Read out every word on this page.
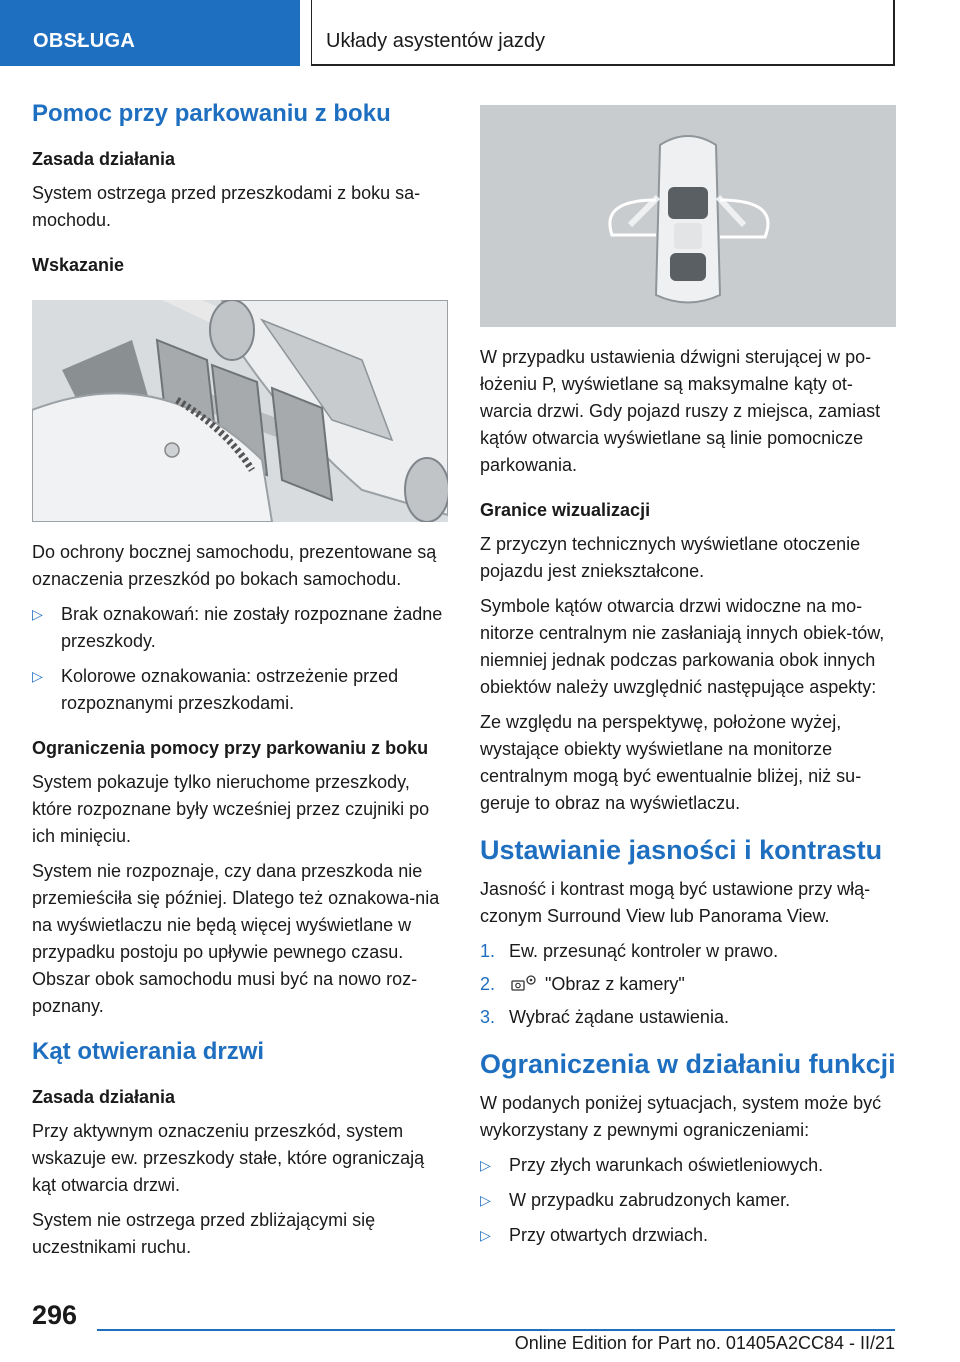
OBSŁUGA	Układy asystentów jazdy
Pomoc przy parkowaniu z boku
Zasada działania

System ostrzega przed przeszkodami z boku sa-mochodu.

Wskazanie

Do ochrony bocznej samochodu, prezentowane są oznaczenia przeszkód po bokach samochodu.

▷ Brak oznakowań: nie zostały rozpoznane żadne przeszkody.
▷ Kolorowe oznakowania: ostrzeżenie przed rozpoznanymi przeszkodami.
Ograniczenia pomocy przy parkowaniu z boku

System pokazuje tylko nieruchome przeszkody, które rozpoznane były wcześniej przez czujniki po ich minięciu.

System nie rozpoznaje, czy dana przeszkoda nie przemieściła się później. Dlatego też oznakowa-nia na wyświetlaczu nie będą więcej wyświetlane w przypadku postoju po upływie pewnego czasu. Obszar obok samochodu musi być na nowo roz-poznany.

Kąt otwierania drzwi
Zasada działania

Przy aktywnym oznaczeniu przeszkód, system wskazuje ew. przeszkody stałe, które ograniczają kąt otwarcia drzwi.

System nie ostrzega przed zbliżającymi się uczestnikami ruchu.

W przypadku ustawienia dźwigni sterującej w po-łożeniu P, wyświetlane są maksymalne kąty ot-warcia drzwi. Gdy pojazd ruszy z miejsca, zamiast kątów otwarcia wyświetlane są linie pomocnicze parkowania.

Granice wizualizacji

Z przyczyn technicznych wyświetlane otoczenie pojazdu jest zniekształcone.

Symbole kątów otwarcia drzwi widoczne na mo-nitorze centralnym nie zasłaniają innych obiek-tów, niemniej jednak podczas parkowania obok innych obiektów należy uwzględnić następujące aspekty:

Ze względu na perspektywę, położone wyżej, wystające obiekty wyświetlane na monitorze centralnym mogą być ewentualnie bliżej, niż su-geruje to obraz na wyświetlaczu.

Ustawianie jasności i kontrastu

Jasność i kontrast mogą być ustawione przy włą-czonym Surround View lub Panorama View.

1. Ew. przesunąć kontroler w prawo.
2.	"Obraz z kamery"
3. Wybrać żądane ustawienia.
Ograniczenia w działaniu funkcji

W podanych poniżej sytuacjach, system może być wykorzystany z pewnymi ograniczeniami:

▷ Przy złych warunkach oświetleniowych.
▷ W przypadku zabrudzonych kamer.
▷ Przy otwartych drzwiach.
296
Online Edition for Part no. 01405A2CC84 - II/21
